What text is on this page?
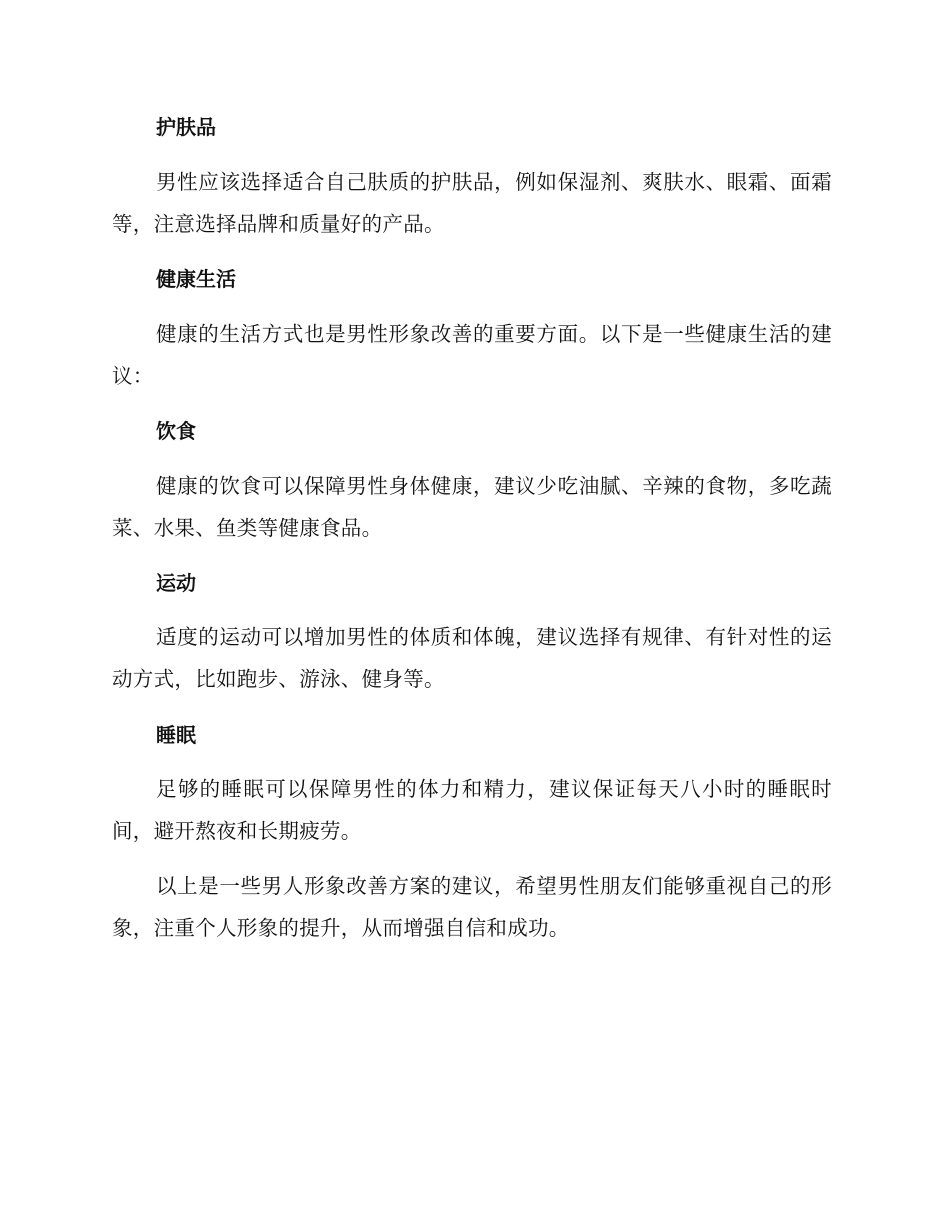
护肤品

男性应该选择适合自己肤质的护肤品，例如保湿剂、爽肤水、眼霜、面霜等，注意选择品牌和质量好的产品。

健康生活

健康的生活方式也是男性形象改善的重要方面。以下是一些健康生活的建议：

饮食

健康的饮食可以保障男性身体健康，建议少吃油腻、辛辣的食物，多吃蔬菜、水果、鱼类等健康食品。

运动

适度的运动可以增加男性的体质和体魄，建议选择有规律、有针对性的运动方式，比如跑步、游泳、健身等。

睡眠

足够的睡眠可以保障男性的体力和精力，建议保证每天八小时的睡眠时间，避开熬夜和长期疲劳。

以上是一些男人形象改善方案的建议，希望男性朋友们能够重视自己的形象，注重个人形象的提升，从而增强自信和成功。
